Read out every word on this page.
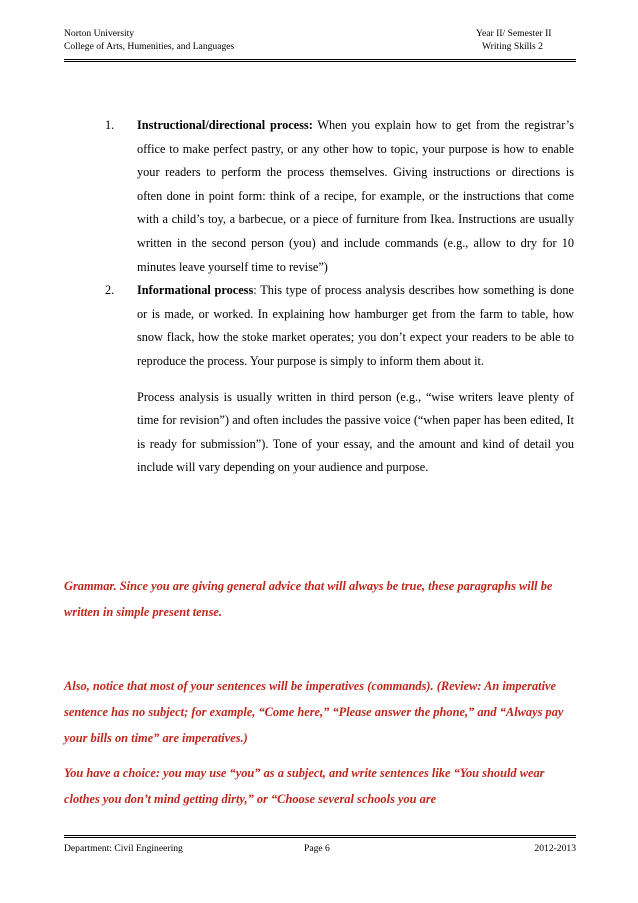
Norton University	Year II/ Semester II
College of Arts, Humenities, and Languages	Writing Skills 2
1.	Instructional/directional process: When you explain how to get from the registrar’s office to make perfect pastry, or any other how to topic, your purpose is how to enable your readers to perform the process themselves. Giving instructions or directions is often done in point form: think of a recipe, for example, or the instructions that come with a child’s toy, a barbecue, or a piece of furniture from Ikea. Instructions are usually written in the second person (you) and include commands (e.g., allow to dry for 10 minutes leave yourself time to revise”)

2.	Informational process: This type of process analysis describes how something is done or is made, or worked. In explaining how hamburger get from the farm to table, how snow flack, how the stoke market operates; you don’t expect your readers to be able to reproduce the process. Your purpose is simply to inform them about it.

Process analysis is usually written in third person (e.g., “wise writers leave plenty of time for revision”) and often includes the passive voice (“when paper has been edited, It is ready for submission”). Tone of your essay, and the amount and kind of detail you include will vary depending on your audience and purpose.

Grammar. Since you are giving general advice that will always be true, these paragraphs will be written in simple present tense.
Also, notice that most of your sentences will be imperatives (commands). (Review: An imperative sentence has no subject; for example, “Come here,” “Please answer the phone,” and “Always pay your bills on time” are imperatives.)
You have a choice: you may use “you” as a subject, and write sentences like “You should wear clothes you don’t mind getting dirty,” or “Choose several schools you are
Department: Civil Engineering	Page 6	2012-2013
